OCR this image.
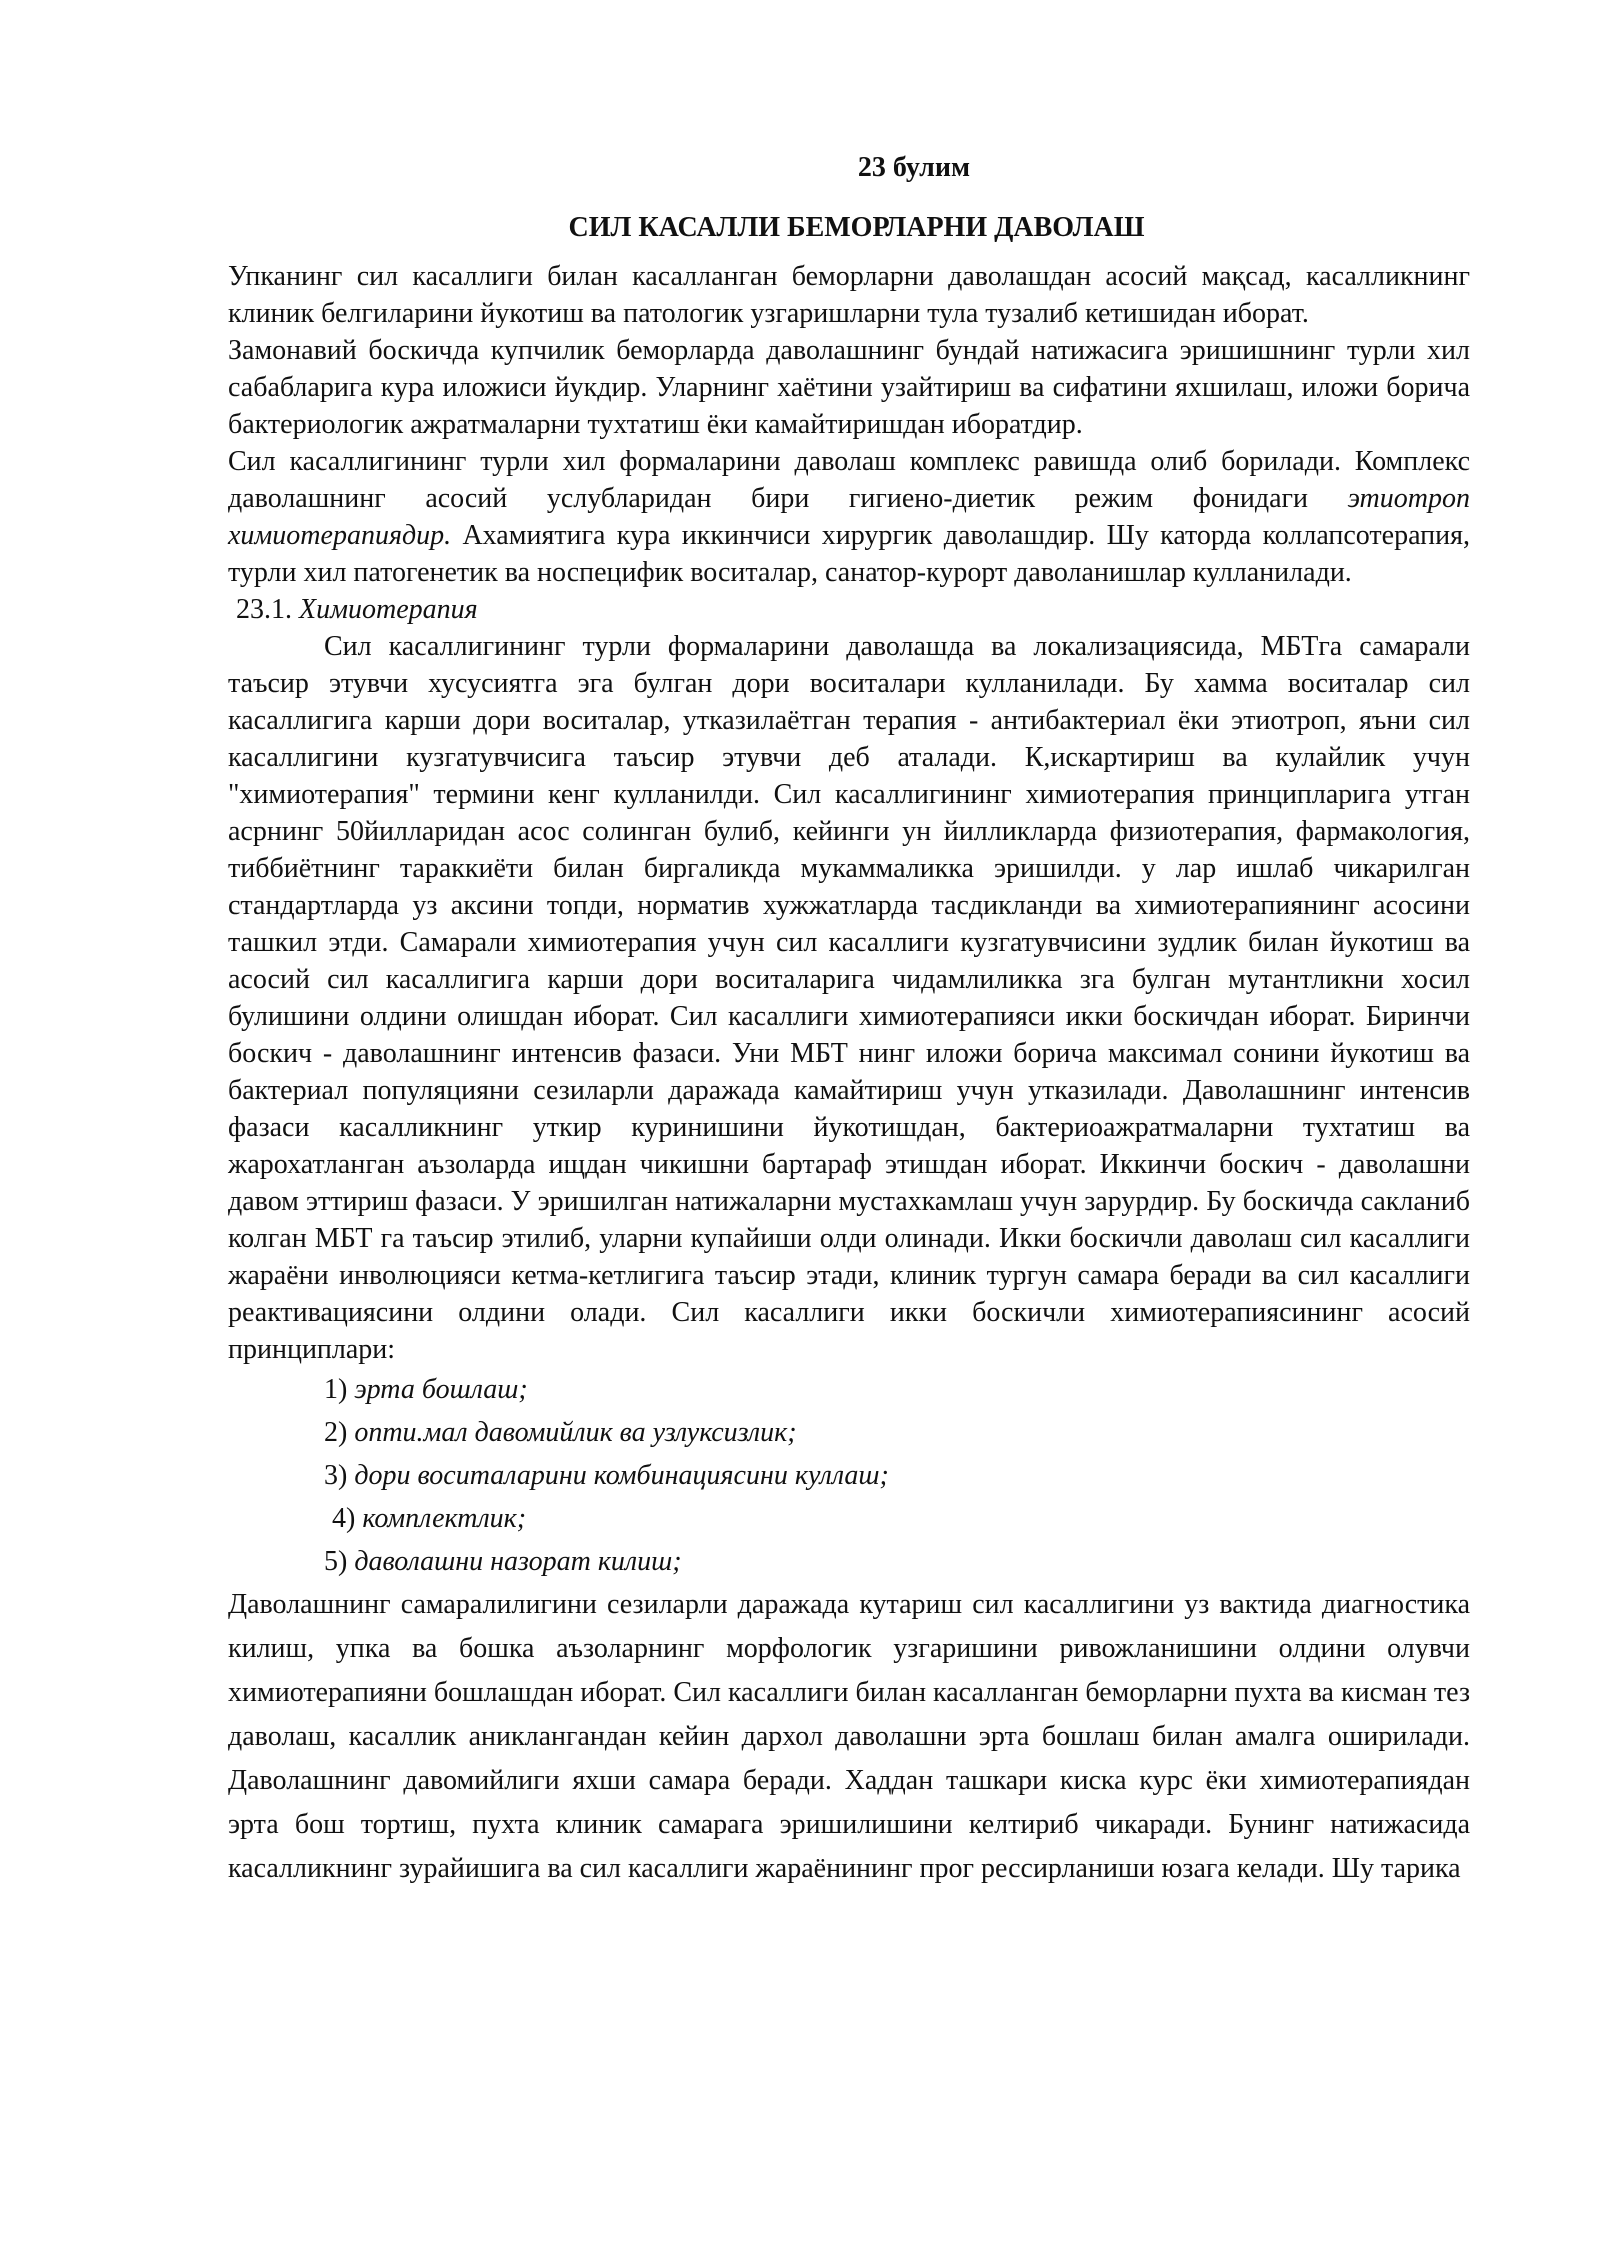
23 булим
СИЛ КАСАЛЛИ БЕМОРЛАРНИ ДАВОЛАШ

Упканинг сил касаллиги билан касалланган беморларни даволашдан асосий мақсад, касалликнинг клиник белгиларини йукотиш ва патологик узгаришларни тула тузалиб кетишидан иборат.

Замонавий боскичда купчилик беморларда даволашнинг бундай натижасига эришишнинг турли хил сабабларига кура иложиси йукдир. Уларнинг хаётини узайтириш ва сифатини яхшилаш, иложи борича бактериологик ажратмаларни тухтатиш ёки камайтиришдан иборатдир.

Сил касаллигининг турли хил формаларини даволаш комплекс равишда олиб борилади. Комплекс даволашнинг асосий услубларидан бири гигиено-диетик режим фонидаги этиотроп химиотерапиядир. Ахамиятига кура иккинчиси хирургик даволашдир. Шу каторда коллапсотерапия, турли хил патогенетик ва носпецифик воситалар, санатор-курорт даволанишлар кулланилади.

23.1. Химиотерапия

Сил касаллигининг турли формаларини даволашда ва локализациясида, МБТга самарали таъсир этувчи хусусиятга эга булган дори воситалари кулланилади. Бу хамма воситалар сил касаллигига карши дори воситалар, утказилаётган терапия - антибактериал ёки этиотроп, яъни сил касаллигини кузгатувчисига таъсир этувчи деб аталади. К,искартириш ва кулайлик учун "химиотерапия" термини кенг кулланилди. Сил касаллигининг химиотерапия принципларига утган асрнинг 50йилларидан асос солинган булиб, кейинги ун йилликларда физиотерапия, фармакология, тиббиётнинг тараккиёти билан биргаликда мукаммаликка эришилди. у лар ишлаб чикарилган стандартларда уз аксини топди, норматив хужжатларда тасдикланди ва химиотерапиянинг асосини ташкил этди. Самарали химиотерапия учун сил касаллиги кузгатувчисини зудлик билан йукотиш ва асосий сил касаллигига карши дори воситаларига чидамлиликка зга булган мутантликни хосил булишини олдини олишдан иборат. Сил касаллиги химиотерапияси икки боскичдан иборат. Биринчи боскич - даволашнинг интенсив фазаси. Уни МБТ нинг иложи борича максимал сонини йукотиш ва бактериал популяцияни сезиларли даражада камайтириш учун утказилади. Даволашнинг интенсив фазаси касалликнинг уткир куринишини йукотишдан, бактериоажратмаларни тухтатиш ва жарохатланган аъзоларда ищдан чикишни бартараф этишдан иборат. Иккинчи боскич - даволашни давом эттириш фазаси. У эришилган натижаларни мустахкамлаш учун зарурдир. Бу боскичда сакланиб колган МБТ га таъсир этилиб, уларни купайиши олди олинади. Икки боскичли даволаш сил касаллиги жараёни инволюцияси кетма-кетлигига таъсир этади, клиник тургун самара беради ва сил касаллиги реактивациясини олдини олади. Сил касаллиги икки боскичли химиотерапиясининг асосий принциплари:

1) эрта бошлаш;
2) опти.мал давомийлик ва узлуксизлик;
3) дори воситаларини комбинациясини куллаш;
4) комплектлик;
5) даволашни назорат килиш;

Даволашнинг самаралилигини сезиларли даражада кутариш сил касаллигини уз вактида диагностика килиш, упка ва бошка аъзоларнинг морфологик узгаришини ривожланишини олдини олувчи химиотерапияни бошлашдан иборат. Сил касаллиги билан касалланган беморларни пухта ва кисман тез даволаш, касаллик аниклангандан кейин дархол даволашни эрта бошлаш билан амалга оширилади. Даволашнинг давомийлиги яхши самара беради. Хаддан ташкари киска курс ёки химиотерапиядан эрта бош тортиш, пухта клиник самарага эришилишини келтириб чикаради. Бунинг натижасида касалликнинг зурайишига ва сил касаллиги жараёнининг прог рессирланиши юзага келади. Шу тарика
